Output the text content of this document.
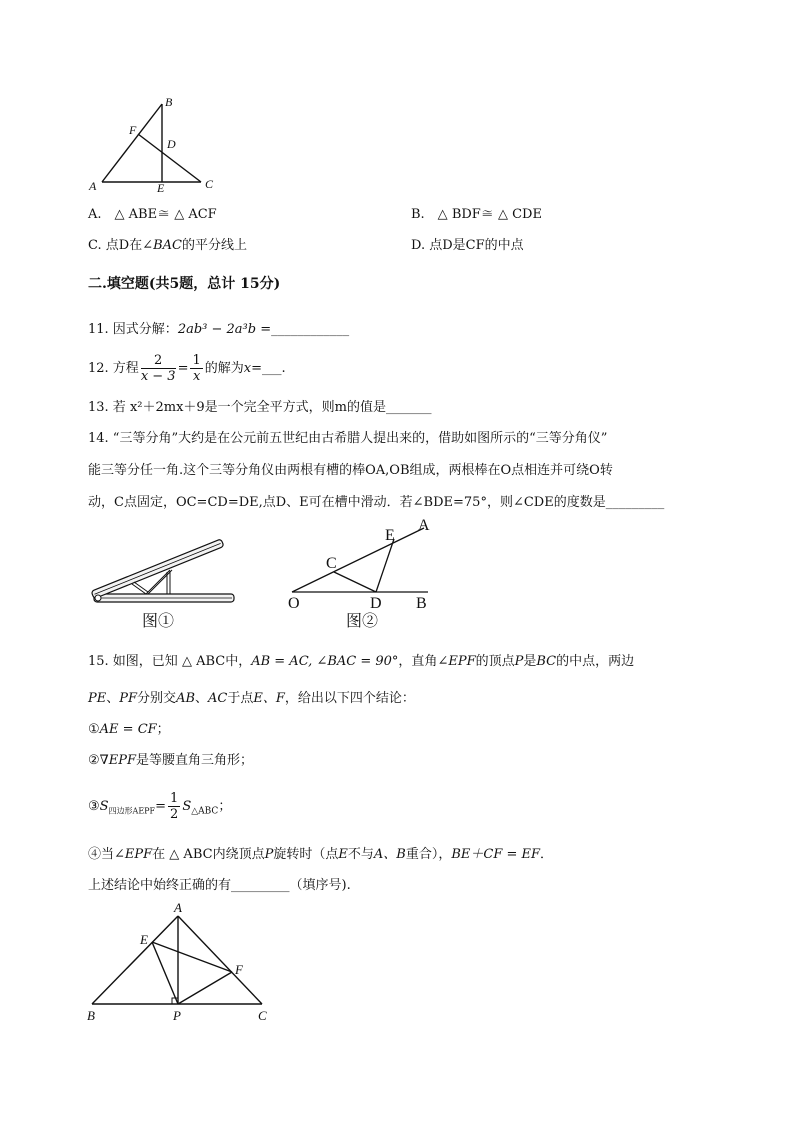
B
F
D
A	E	C
A.　△ ABE≅ △ ACF	B.　△ BDF≅ △ CDE
C. 点D在∠BAC的平分线上	D. 点D是CF的中点
二.填空题(共5题，总计 15分)
11. 因式分解：2ab³ − 2a³b =____________
12. 方程 $\frac{2}{x - 3} = \frac{1}{x}$ 的解为x=___.
13. 若 x²＋2mx＋9是一个完全平方式，则m的值是_______
14. “三等分角”大约是在公元前五世纪由古希腊人提出来的，借助如图所示的“三等分角仪”
能三等分任一角.这个三等分角仪由两根有槽的棒OA,OB组成，两根棒在O点相连并可绕O转
动，C点固定，OC=CD=DE,点D、E可在槽中滑动．若∠BDE=75°，则∠CDE的度数是_________
图①
C
E
A
O	D B
图②
15. 如图，已知 △ ABC中，AB = AC, ∠BAC = 90°，直角∠EPF的顶点P是BC的中点，两边
PE、PF分别交AB、AC于点E、F，给出以下四个结论：
①AE = CF；
②∇EPF是等腰直角三角形；
$③S_{四边形AEPF}= \frac{1}{2} S_{\triangle ABC}$；
④当∠EPF在 △ ABC内绕顶点P旋转时（点E不与A、B重合），BE＋CF = EF．
上述结论中始终正确的有_________（填序号).
A
E
F
B	P	C
